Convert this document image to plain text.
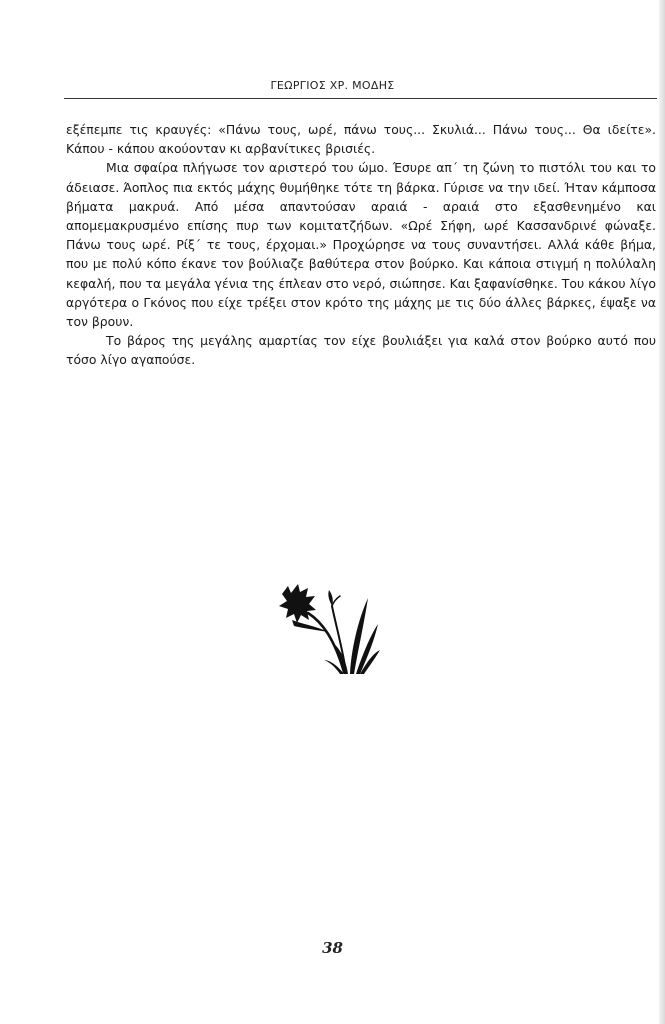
ΓΕΩΡΓΙΟΣ ΧΡ. ΜΟΔΗΣ

εξέπεμπε τις κραυγές: «Πάνω τους, ωρέ, πάνω τους... Σκυλιά... Πάνω τους... Θα ιδείτε». Κάπου - κάπου ακούονταν κι αρβανίτικες βρισιές.

Μια σφαίρα πλήγωσε τον αριστερό του ώμο. Έσυρε απ΄ τη ζώνη το πιστόλι του και το άδειασε. Άοπλος πια εκτός μάχης θυμήθηκε τότε τη βάρκα. Γύρισε να την ιδεί. Ήταν κάμποσα βήματα μακρυά. Από μέσα απαντούσαν αραιά - αραιά στο εξασθενημένο και απομεμακρυσμένο επίσης πυρ των κομιτατζήδων. «Ωρέ Σήφη, ωρέ Κασσανδρινέ φώναξε. Πάνω τους ωρέ. Ρίξ΄ τε τους, έρχομαι.» Προχώρησε να τους συναντήσει. Αλλά κάθε βήμα, που με πολύ κόπο έκανε τον βούλιαζε βαθύτερα στον βούρκο. Και κάποια στιγμή η πολύλαλη κεφαλή, που τα μεγάλα γένια της έπλεαν στο νερό, σιώπησε. Και ξαφανίσθηκε. Του κάκου λίγο αργότερα ο Γκόνος που είχε τρέξει στον κρότο της μάχης με τις δύο άλλες βάρκες, έψαξε να τον βρουν.

Το βάρος της μεγάλης αμαρτίας τον είχε βουλιάξει για καλά στον βούρκο αυτό που τόσο λίγο αγαπούσε.

38
